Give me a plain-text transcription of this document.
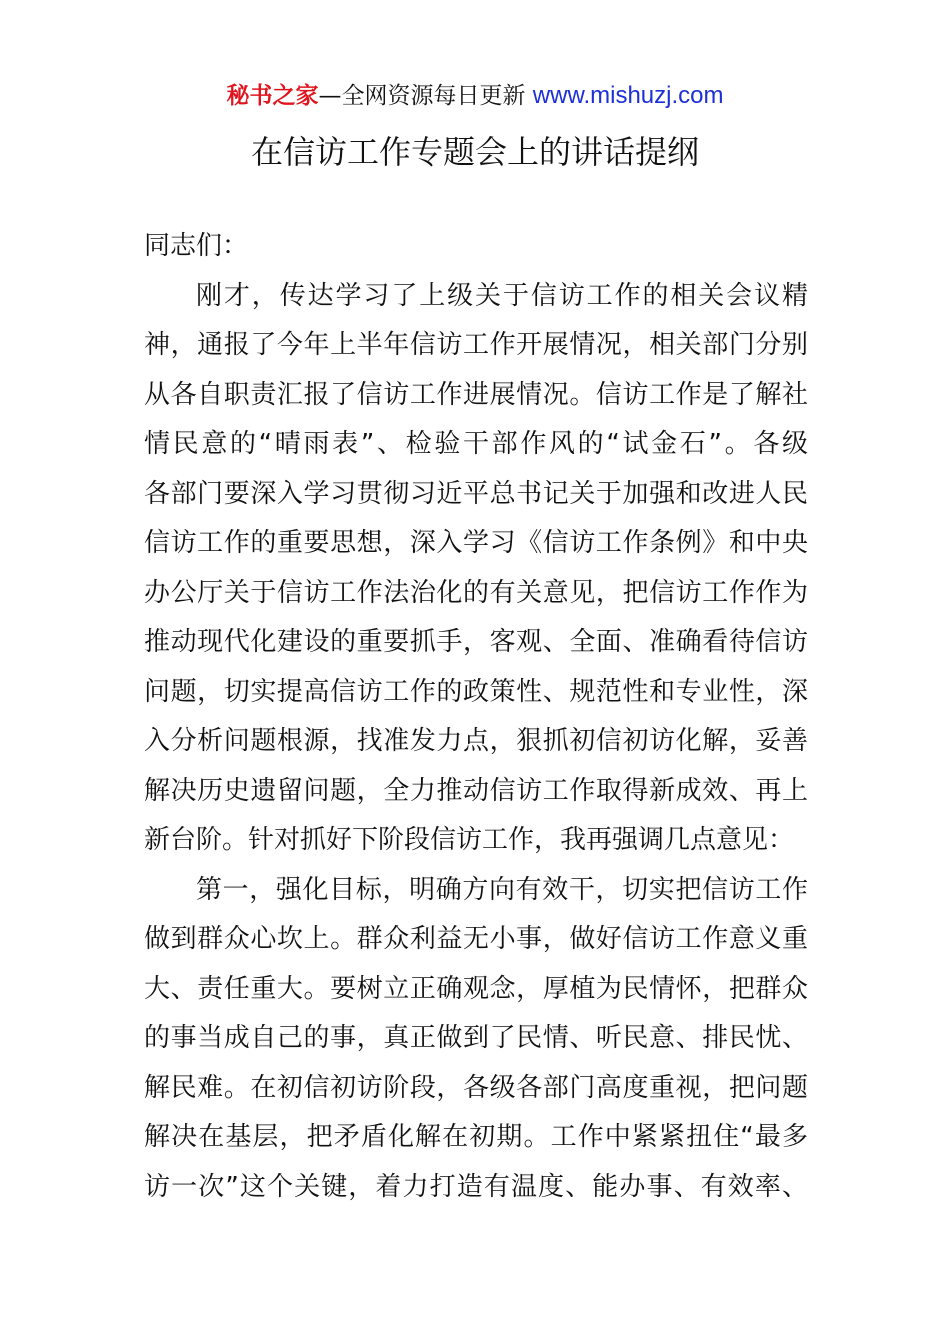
秘书之家—全网资源每日更新 www.mishuzj.com
在信访工作专题会上的讲话提纲
同志们：
刚才，传达学习了上级关于信访工作的相关会议精
神，通报了今年上半年信访工作开展情况，相关部门分别
从各自职责汇报了信访工作进展情况。信访工作是了解社
情民意的“晴雨表”、检验干部作风的“试金石”。各级
各部门要深入学习贯彻习近平总书记关于加强和改进人民
信访工作的重要思想，深入学习《信访工作条例》和中央
办公厅关于信访工作法治化的有关意见，把信访工作作为
推动现代化建设的重要抓手，客观、全面、准确看待信访
问题，切实提高信访工作的政策性、规范性和专业性，深
入分析问题根源，找准发力点，狠抓初信初访化解，妥善
解决历史遗留问题，全力推动信访工作取得新成效、再上
新台阶。针对抓好下阶段信访工作，我再强调几点意见：
第一，强化目标，明确方向有效干，切实把信访工作
做到群众心坎上。群众利益无小事，做好信访工作意义重
大、责任重大。要树立正确观念，厚植为民情怀，把群众
的事当成自己的事，真正做到了民情、听民意、排民忧、
解民难。在初信初访阶段，各级各部门高度重视，把问题
解决在基层，把矛盾化解在初期。工作中紧紧扭住“最多
访一次”这个关键，着力打造有温度、能办事、有效率、
